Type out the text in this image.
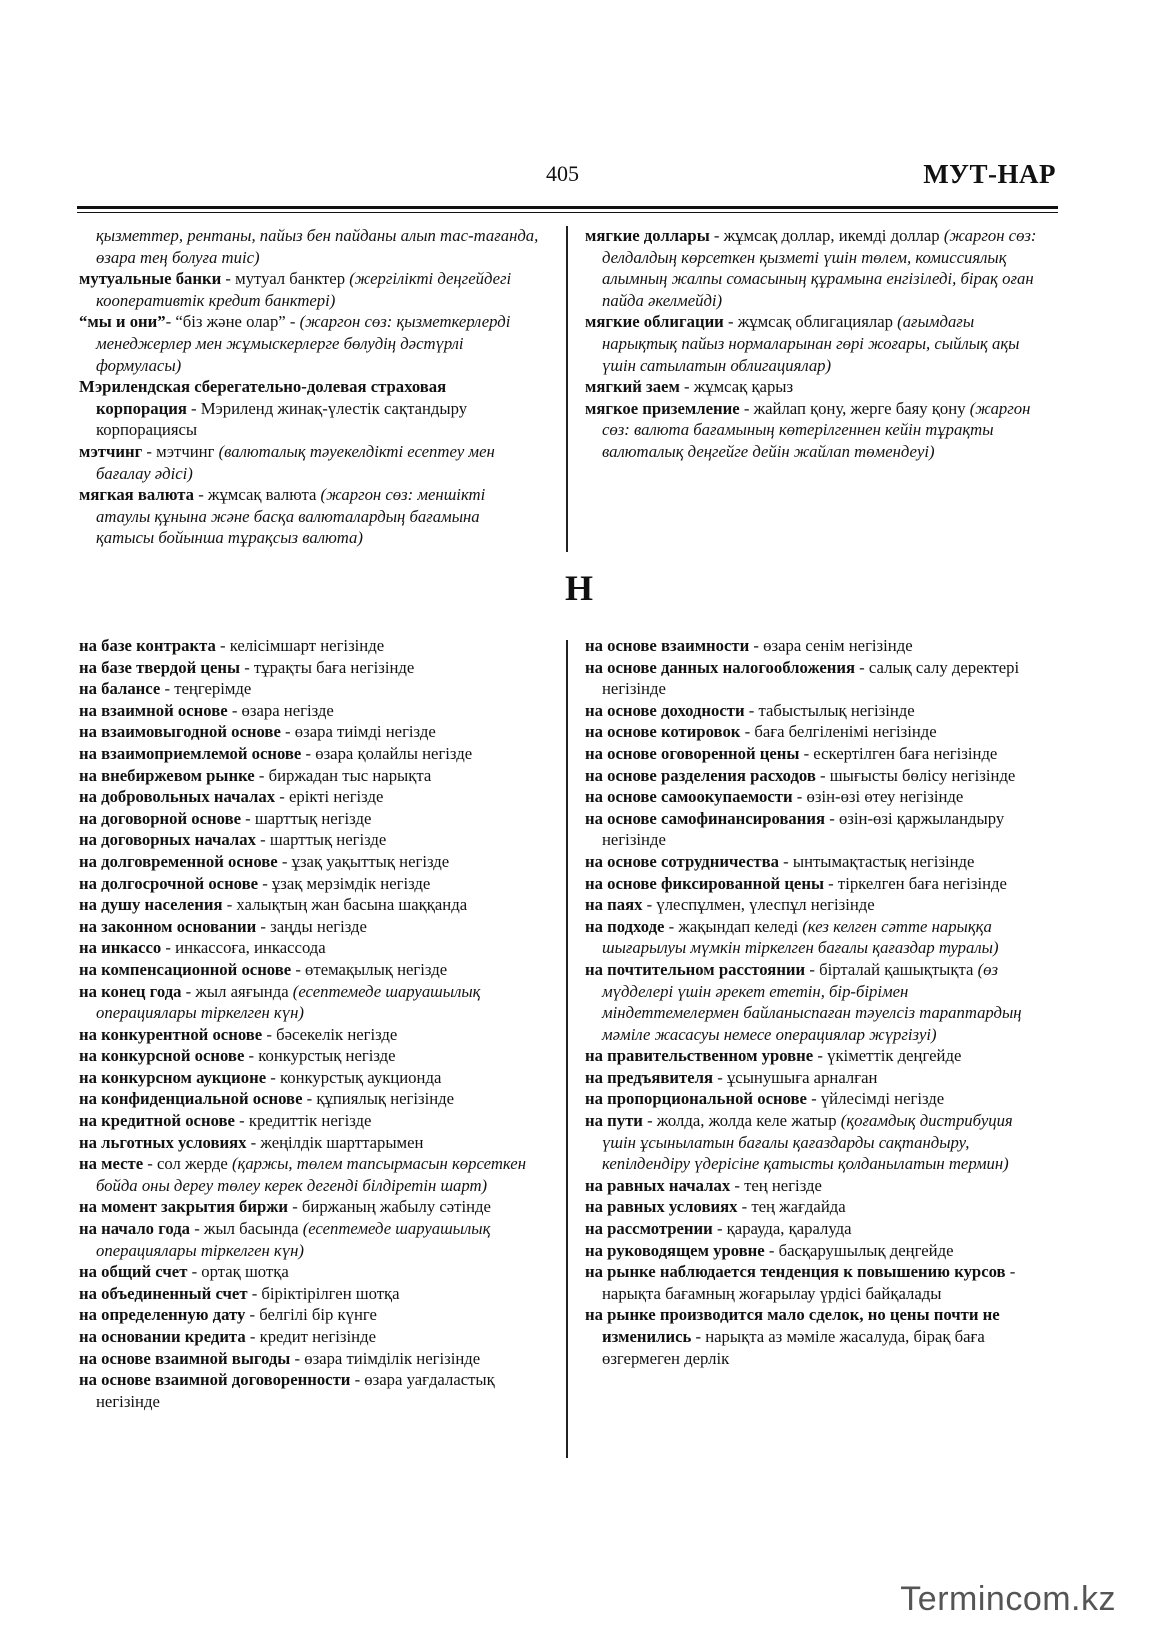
405	МУТ-НАР
қызметтер, рентаны, пайыз бен пайданы алып тас-тағанда, өзара тең болуға тиіс)
мутуальные банки - мутуал банктер (жергілікті деңгейдегі кооперативтік кредит банктері)
“мы и они”- “біз және олар” - (жаргон сөз: қызметкерлерді менеджерлер мен жұмыскерлерге бөлудің дәстүрлі формуласы)
Мэрилендская сберегательно-долевая страховая корпорация - Мэриленд жинақ-үлестік сақтандыру корпорациясы
мэтчинг - мэтчинг (валюталық тәуекелдікті есептеу мен бағалау әдісі)
мягкая валюта - жұмсақ валюта (жаргон сөз: меншікті атаулы құнына және басқа валюталардың бағамына қатысы бойынша тұрақсыз валюта)
мягкие доллары - жұмсақ доллар, икемді доллар (жаргон сөз: делдалдың көрсеткен қызметі үшін төлем, комиссиялық алымның жалпы сомасының құрамына енгізіледі, бірақ оған пайда әкелмейді)
мягкие облигации - жұмсақ облигациялар (ағымдағы нарықтық пайыз нормаларынан гөрі жоғары, сыйлық ақы үшін сатылатын облигациялар)
мягкий заем - жұмсақ қарыз
мягкое приземление - жайлап қону, жерге баяу қону (жаргон сөз: валюта бағамының көтерілгеннен кейін тұрақты валюталық деңгейге дейін жайлап төмендеуі)
Н
на базе контракта - келісімшарт негізінде
на базе твердой цены - тұрақты баға негізінде
на балансе - теңгерімде
на взаимной основе - өзара негізде
на взаимовыгодной основе - өзара тиімді негізде
на взаимоприемлемой основе - өзара қолайлы негізде
на внебиржевом рынке - биржадан тыс нарықта
на добровольных началах - ерікті негізде
на договорной основе - шарттық негізде
на договорных началах - шарттық негізде
на долговременной основе - ұзақ уақыттық негізде
на долгосрочной основе - ұзақ мерзімдік негізде
на душу населения - халықтың жан басына шаққанда
на законном основании - заңды негізде
на инкассо - инкассоға, инкассода
на компенсационной основе - өтемақылық негізде
на конец года - жыл аяғында (есептемеде шаруашылық операциялары тіркелген күн)
на конкурентной основе - бәсекелік негізде
на конкурсной основе - конкурстық негізде
на конкурсном аукционе - конкурстық аукционда
на конфиденциальной основе - құпиялық негізінде
на кредитной основе - кредиттік негізде
на льготных условиях - жеңілдік шарттарымен
на месте - сол жерде (қаржы, төлем тапсырмасын көрсеткен бойда оны дереу төлеу керек дегенді білдіретін шарт)
на момент закрытия биржи - биржаның жабылу сәтінде
на начало года - жыл басында (есептемеде шаруашылық операциялары тіркелген күн)
на общий счет - ортақ шотқа
на объединенный счет - біріктірілген шотқа
на определенную дату - белгілі бір күнге
на основании кредита - кредит негізінде
на основе взаимной выгоды - өзара тиімділік негізінде
на основе взаимной договоренности - өзара уағдаластық негізінде
на основе взаимности - өзара сенім негізінде
на основе данных налогообложения - салық салу деректері негізінде
на основе доходности - табыстылық негізінде
на основе котировок - баға белгіленімі негізінде
на основе оговоренной цены - ескертілген баға негізінде
на основе разделения расходов - шығысты бөлісу негізінде
на основе самоокупаемости - өзін-өзі өтеу негізінде
на основе самофинансирования - өзін-өзі қаржыландыру негізінде
на основе сотрудничества - ынтымақтастық негізінде
на основе фиксированной цены - тіркелген баға негізінде
на паях - үлеспұлмен, үлеспұл негізінде
на подходе - жақындап келеді (кез келген сәтте нарыққа шығарылуы мүмкін тіркелген бағалы қағаздар туралы)
на почтительном расстоянии - бірталай қашықтықта (өз мүдделері үшін әрекет ететін, бір-бірімен міндеттемелермен байланыспаған тәуелсіз тараптардың мәміле жасасуы немесе операциялар жүргізуі)
на правительственном уровне - үкіметтік деңгейде
на предъявителя - ұсынушыға арналған
на пропорциональной основе - үйлесімді негізде
на пути - жолда, жолда келе жатыр (қоғамдық дистрибуция үшін ұсынылатын бағалы қағаздарды сақтандыру, кепілдендіру үдерісіне қатысты қолданылатын термин)
на равных началах - тең негізде
на равных условиях - тең жағдайда
на рассмотрении - қарауда, қаралуда
на руководящем уровне - басқарушылық деңгейде
на рынке наблюдается тенденция к повышению курсов - нарықта бағамның жоғарылау үрдісі байқалады
на рынке производится мало сделок, но цены почти не изменились - нарықта аз мәміле жасалуда, бірақ баға өзгермеген дерлік
Termincom.kz
